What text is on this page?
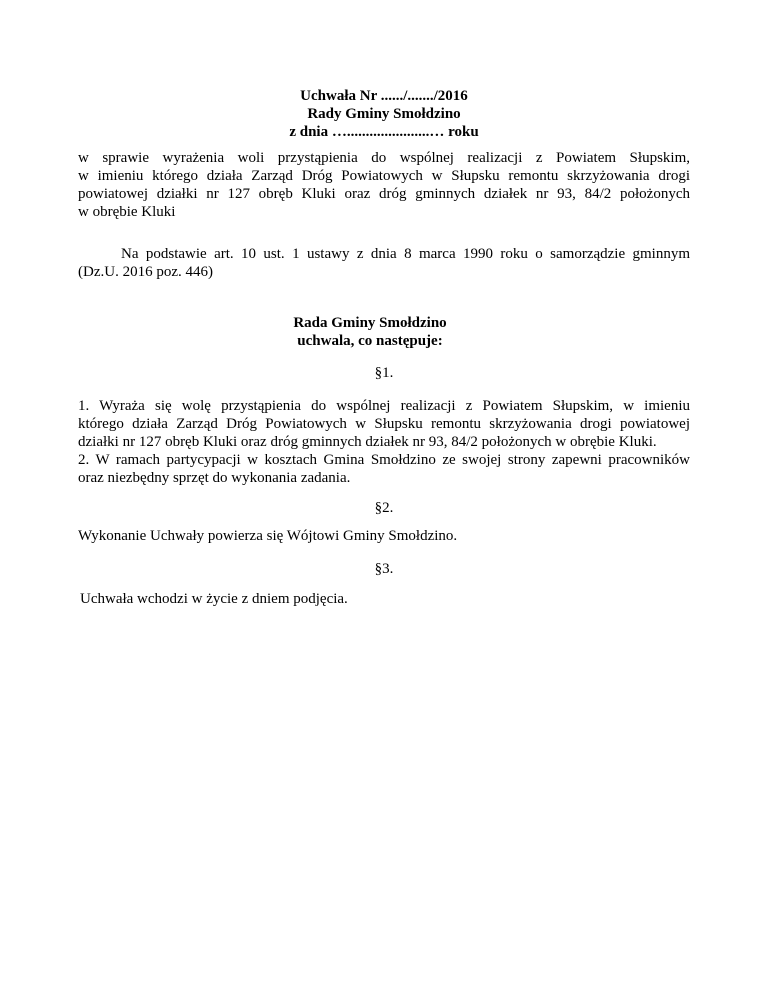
Uchwała Nr ....../......./2016
Rady Gminy Smołdzino
z dnia …......................… roku
w sprawie wyrażenia woli przystąpienia do wspólnej realizacji z Powiatem Słupskim,
w imieniu którego działa Zarząd Dróg Powiatowych w Słupsku remontu skrzyżowania drogi
powiatowej działki nr 127 obręb Kluki oraz dróg gminnych działek nr 93, 84/2 położonych
w obrębie Kluki
Na podstawie art. 10 ust. 1 ustawy z dnia 8 marca 1990 roku o samorządzie gminnym
(Dz.U. 2016 poz. 446)
Rada Gminy Smołdzino
uchwala, co następuje:
§1.
1. Wyraża się wolę przystąpienia do wspólnej realizacji z Powiatem Słupskim, w imieniu
którego działa Zarząd Dróg Powiatowych w Słupsku remontu skrzyżowania drogi powiatowej
działki nr 127 obręb Kluki oraz dróg gminnych działek nr 93, 84/2 położonych w obrębie Kluki.
2. W ramach partycypacji w kosztach Gmina Smołdzino ze swojej strony zapewni pracowników
oraz niezbędny sprzęt do wykonania zadania.
§2.
Wykonanie Uchwały powierza się Wójtowi Gminy Smołdzino.
§3.
Uchwała wchodzi w życie z dniem podjęcia.
